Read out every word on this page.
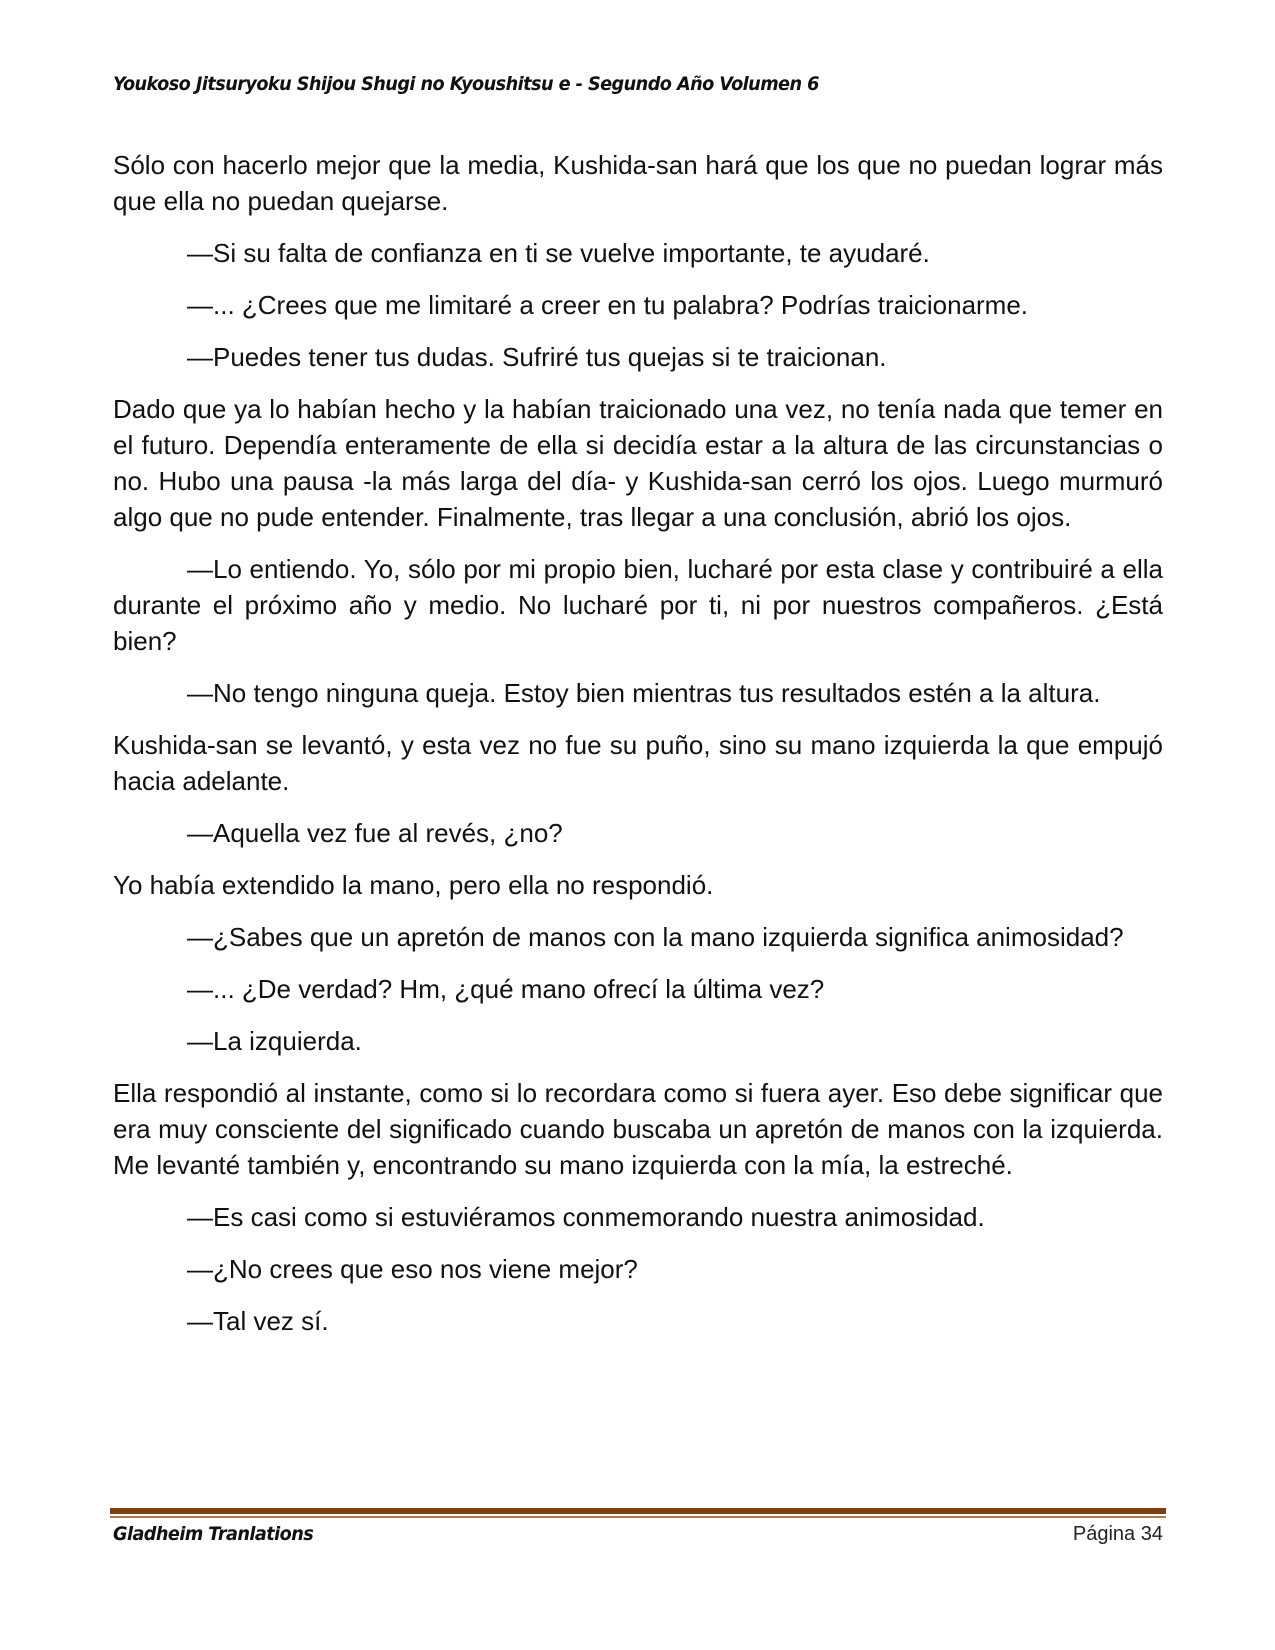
Youkoso Jitsuryoku Shijou Shugi no Kyoushitsu e - Segundo Año Volumen 6

Sólo con hacerlo mejor que la media, Kushida-san hará que los que no puedan lograr más que ella no puedan quejarse.

—Si su falta de confianza en ti se vuelve importante, te ayudaré.

—... ¿Crees que me limitaré a creer en tu palabra? Podrías traicionarme.

—Puedes tener tus dudas. Sufriré tus quejas si te traicionan.

Dado que ya lo habían hecho y la habían traicionado una vez, no tenía nada que temer en el futuro. Dependía enteramente de ella si decidía estar a la altura de las circunstancias o no. Hubo una pausa -la más larga del día- y Kushida-san cerró los ojos. Luego murmuró algo que no pude entender. Finalmente, tras llegar a una conclusión, abrió los ojos.

—Lo entiendo. Yo, sólo por mi propio bien, lucharé por esta clase y contribuiré a ella durante el próximo año y medio. No lucharé por ti, ni por nuestros compañeros. ¿Está bien?

—No tengo ninguna queja. Estoy bien mientras tus resultados estén a la altura.

Kushida-san se levantó, y esta vez no fue su puño, sino su mano izquierda la que empujó hacia adelante.

—Aquella vez fue al revés, ¿no?

Yo había extendido la mano, pero ella no respondió.

—¿Sabes que un apretón de manos con la mano izquierda significa animosidad?

—... ¿De verdad? Hm, ¿qué mano ofrecí la última vez?

—La izquierda.

Ella respondió al instante, como si lo recordara como si fuera ayer. Eso debe significar que era muy consciente del significado cuando buscaba un apretón de manos con la izquierda. Me levanté también y, encontrando su mano izquierda con la mía, la estreché.

—Es casi como si estuviéramos conmemorando nuestra animosidad.

—¿No crees que eso nos viene mejor?

—Tal vez sí.

Gladheim Tranlations	Página 34
